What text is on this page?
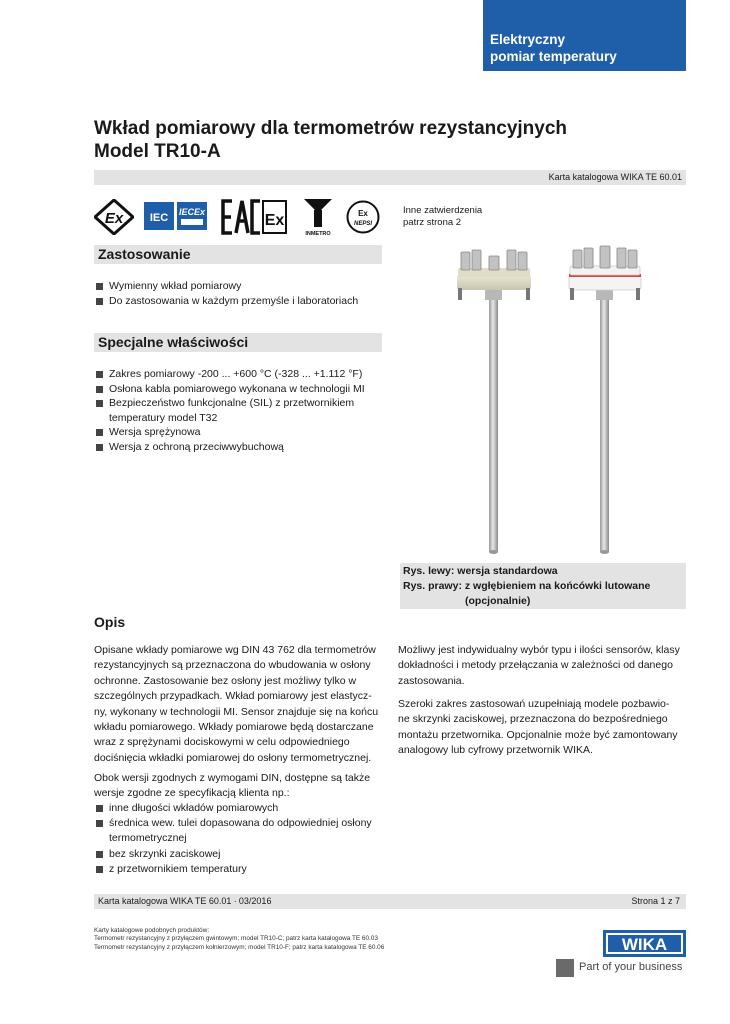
Elektryczny
pomiar temperatury
Wkład pomiarowy dla termometrów rezystancyjnych
Model TR10-A
Karta katalogowa WIKA TE 60.01
Ex IEC IECEx	Ex
INMETRO
Ex
NEPSI
Inne zatwierdzenia
patrz strona 2
Zastosowanie
Wymienny wkład pomiarowy
Do zastosowania w każdym przemyśle i laboratoriach
Specjalne właściwości
Zakres pomiarowy -200 ... +600 °C (-328 ... +1.112 °F)
Osłona kabla pomiarowego wykonana w technologii MI
Bezpieczeństwo funkcjonalne (SIL) z przetwornikiem
temperatury model T32
Wersja sprężynowa
Wersja z ochroną przeciwwybuchową
Rys. lewy: wersja standardowa
Rys. prawy: z wgłębieniem na końcówki lutowane
(opcjonalnie)
Opis
Opisane wkłady pomiarowe wg DIN 43 762 dla termometrów
rezystancyjnych są przeznaczona do wbudowania w osłony
ochronne. Zastosowanie bez osłony jest możliwy tylko w
szczególnych przypadkach. Wkład pomiarowy jest elastycz-
ny, wykonany w technologii MI. Sensor znajduje się na końcu
wkładu pomiarowego. Wkłady pomiarowe będą dostarczane
wraz z sprężynami dociskowymi w celu odpowiedniego
dociśnięcia wkładki pomiarowej do osłony termometrycznej.
Obok wersji zgodnych z wymogami DIN, dostępne są także
wersje zgodne ze specyfikacją klienta np.:
inne długości wkładów pomiarowych
średnica wew. tulei dopasowana do odpowiedniej osłony
termometrycznej
bez skrzynki zaciskowej
z przetwornikiem temperatury
Możliwy jest indywidualny wybór typu i ilości sensorów, klasy
dokładności i metody przełączania w zależności od danego
zastosowania.
Szeroki zakres zastosowań uzupełniają modele pozbawio-
ne skrzynki zaciskowej, przeznaczona do bezpośredniego
montażu przetwornika. Opcjonalnie może być zamontowany
analogowy lub cyfrowy przetwornik WIKA.
Karta katalogowa WIKA TE 60.01 ∙ 03/2016	Strona 1 z 7
Karty katalogowe podobnych produktów:
Termometr rezystancyjny z przyłączem gwintowym; model TR10-C; patrz karta katalogowa TE 60.03
Termometr rezystancyjny z przyłączem kołnierzowym; model TR10-F; patrz karta katalogowa TE 60.06	WIKA
Part of your business
